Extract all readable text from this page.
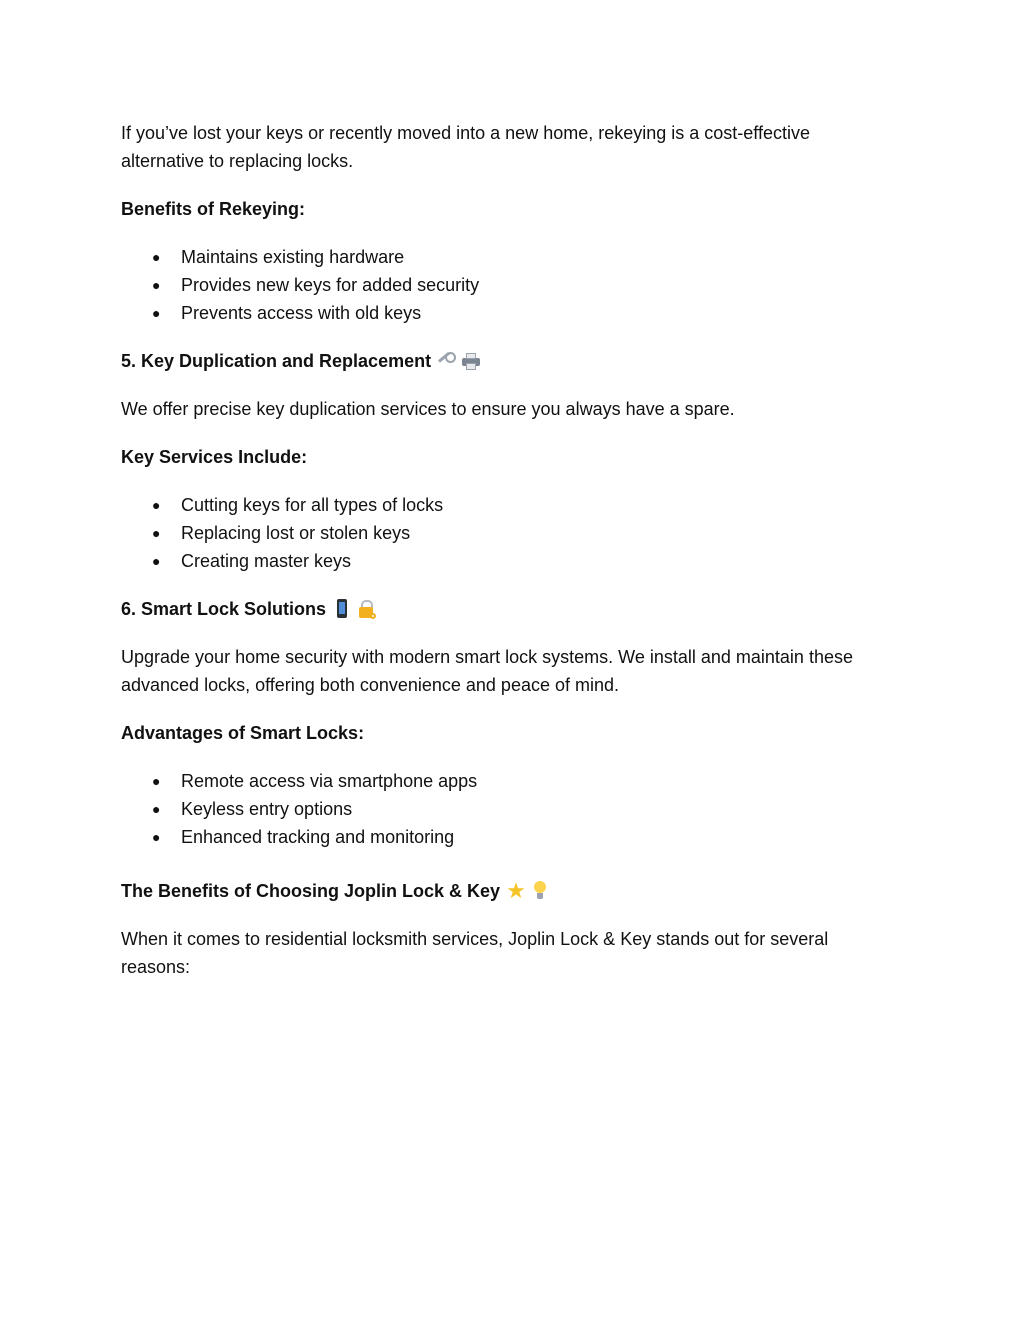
If you’ve lost your keys or recently moved into a new home, rekeying is a cost-effective alternative to replacing locks.

Benefits of Rekeying:

● Maintains existing hardware
● Provides new keys for added security
● Prevents access with old keys

5. Key Duplication and Replacement

We offer precise key duplication services to ensure you always have a spare.

Key Services Include:

● Cutting keys for all types of locks
● Replacing lost or stolen keys
● Creating master keys

6. Smart Lock Solutions

Upgrade your home security with modern smart lock systems. We install and maintain these advanced locks, offering both convenience and peace of mind.

Advantages of Smart Locks:

● Remote access via smartphone apps
● Keyless entry options
● Enhanced tracking and monitoring

The Benefits of Choosing Joplin Lock & Key ★

When it comes to residential locksmith services, Joplin Lock & Key stands out for several reasons:
